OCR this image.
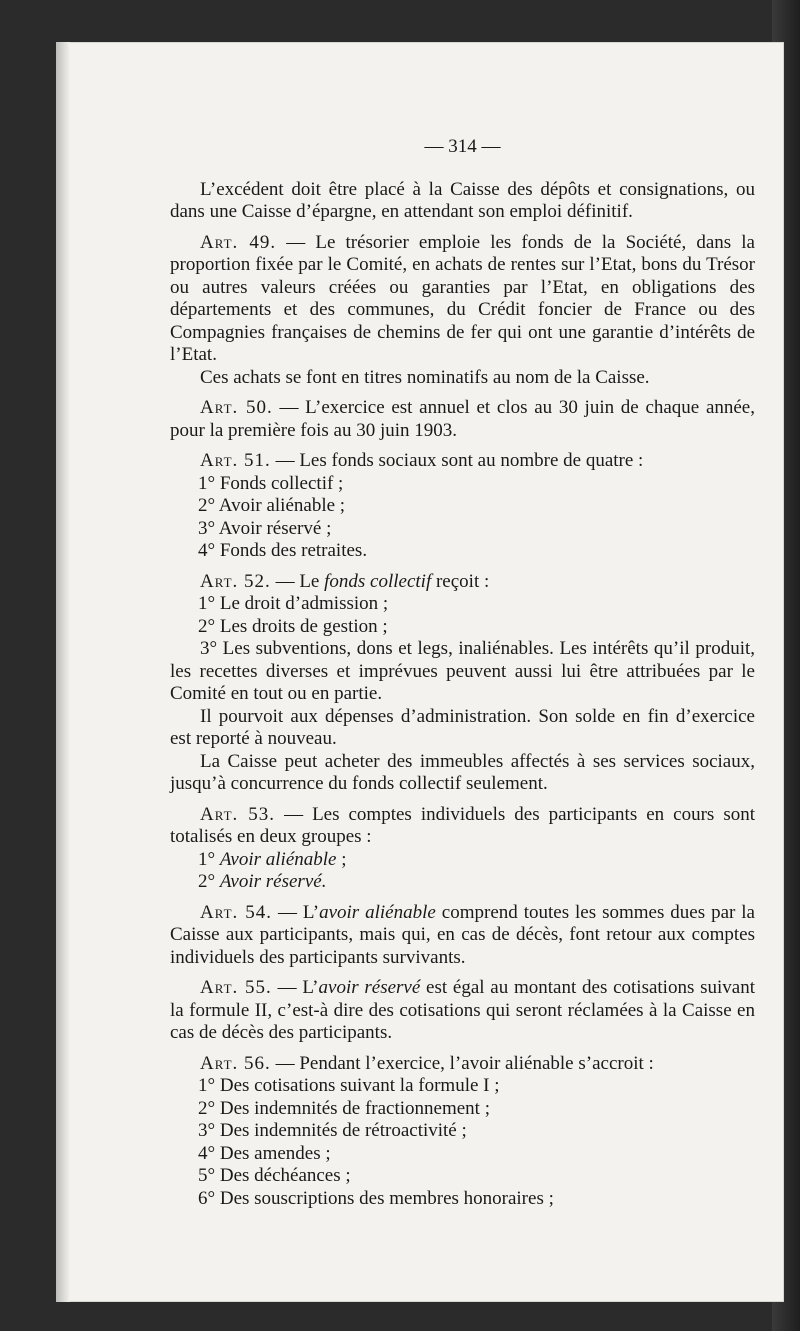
— 314 —

L’excédent doit être placé à la Caisse des dépôts et consignations, ou dans une Caisse d’épargne, en attendant son emploi définitif.

Art. 49. — Le trésorier emploie les fonds de la Société, dans la proportion fixée par le Comité, en achats de rentes sur l’Etat, bons du Trésor ou autres valeurs créées ou garanties par l’Etat, en obligations des départements et des communes, du Crédit foncier de France ou des Compagnies françaises de chemins de fer qui ont une garantie d’intérêts de l’Etat.

Ces achats se font en titres nominatifs au nom de la Caisse.

Art. 50. — L’exercice est annuel et clos au 30 juin de chaque année, pour la première fois au 30 juin 1903.

Art. 51. — Les fonds sociaux sont au nombre de quatre :

1° Fonds collectif ;

2° Avoir aliénable ;

3° Avoir réservé ;

4° Fonds des retraites.

Art. 52. — Le fonds collectif reçoit :

1° Le droit d’admission ;

2° Les droits de gestion ;

3° Les subventions, dons et legs, inaliénables. Les intérêts qu’il produit, les recettes diverses et imprévues peuvent aussi lui être attribuées par le Comité en tout ou en partie.

Il pourvoit aux dépenses d’administration. Son solde en fin d’exercice est reporté à nouveau.

La Caisse peut acheter des immeubles affectés à ses services sociaux, jusqu’à concurrence du fonds collectif seulement.

Art. 53. — Les comptes individuels des participants en cours sont totalisés en deux groupes :

1° Avoir aliénable ;

2° Avoir réservé.

Art. 54. — L’avoir aliénable comprend toutes les sommes dues par la Caisse aux participants, mais qui, en cas de décès, font retour aux comptes individuels des participants survivants.

Art. 55. — L’avoir réservé est égal au montant des cotisations suivant la formule II, c’est-à dire des cotisations qui seront réclamées à la Caisse en cas de décès des participants.

Art. 56. — Pendant l’exercice, l’avoir aliénable s’accroit :

1° Des cotisations suivant la formule I ;

2° Des indemnités de fractionnement ;

3° Des indemnités de rétroactivité ;

4° Des amendes ;

5° Des déchéances ;

6° Des souscriptions des membres honoraires ;
